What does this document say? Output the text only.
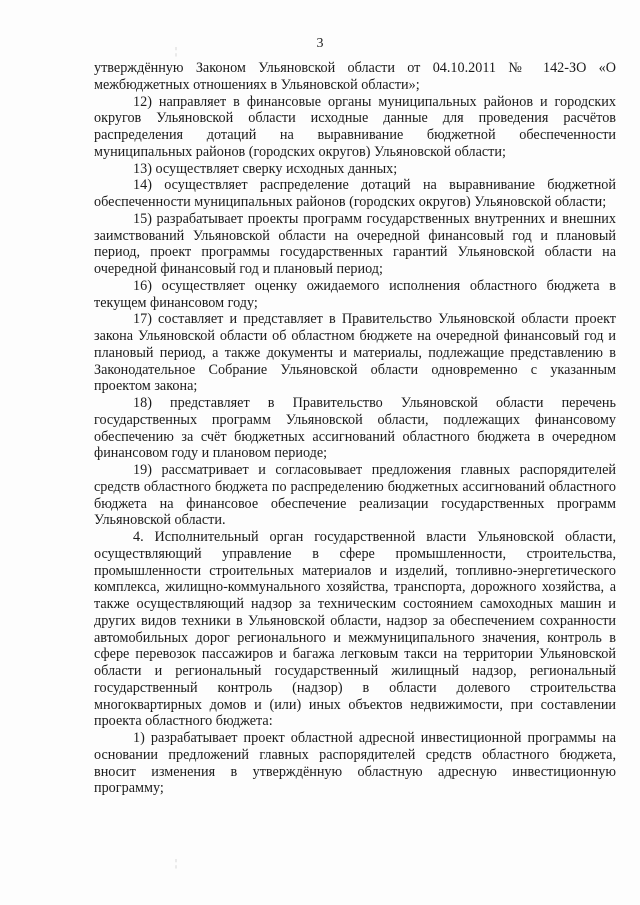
3
¦
¦

утверждённую Законом Ульяновской области от 04.10.2011 № 142-ЗО «О межбюджетных отношениях в Ульяновской области»;

12) направляет в финансовые органы муниципальных районов и городских округов Ульяновской области исходные данные для проведения расчётов распределения дотаций на выравнивание бюджетной обеспеченности муниципальных районов (городских округов) Ульяновской области;

13) осуществляет сверку исходных данных;

14) осуществляет распределение дотаций на выравнивание бюджетной обеспеченности муниципальных районов (городских округов) Ульяновской области;

15) разрабатывает проекты программ государственных внутренних и внешних заимствований Ульяновской области на очередной финансовый год и плановый период, проект программы государственных гарантий Ульяновской области на очередной финансовый год и плановый период;

16) осуществляет оценку ожидаемого исполнения областного бюджета в текущем финансовом году;

17) составляет и представляет в Правительство Ульяновской области проект закона Ульяновской области об областном бюджете на очередной финансовый год и плановый период, а также документы и материалы, подлежащие представлению в Законодательное Собрание Ульяновской области одновременно с указанным проектом закона;

18) представляет в Правительство Ульяновской области перечень государственных программ Ульяновской области, подлежащих финансовому обеспечению за счёт бюджетных ассигнований областного бюджета в очередном финансовом году и плановом периоде;

19) рассматривает и согласовывает предложения главных распорядителей средств областного бюджета по распределению бюджетных ассигнований областного бюджета на финансовое обеспечение реализации государственных программ Ульяновской области.

4. Исполнительный орган государственной власти Ульяновской области, осуществляющий управление в сфере промышленности, строительства, промышленности строительных материалов и изделий, топливно-энергетического комплекса, жилищно-коммунального хозяйства, транспорта, дорожного хозяйства, а также осуществляющий надзор за техническим состоянием самоходных машин и других видов техники в Ульяновской области, надзор за обеспечением сохранности автомобильных дорог регионального и межмуниципального значения, контроль в сфере перевозок пассажиров и багажа легковым такси на территории Ульяновской области и региональный государственный жилищный надзор, региональный государственный контроль (надзор) в области долевого строительства многоквартирных домов и (или) иных объектов недвижимости, при составлении проекта областного бюджета:

1) разрабатывает проект областной адресной инвестиционной программы на основании предложений главных распорядителей средств областного бюджета, вносит изменения в утверждённую областную адресную инвестиционную программу;
